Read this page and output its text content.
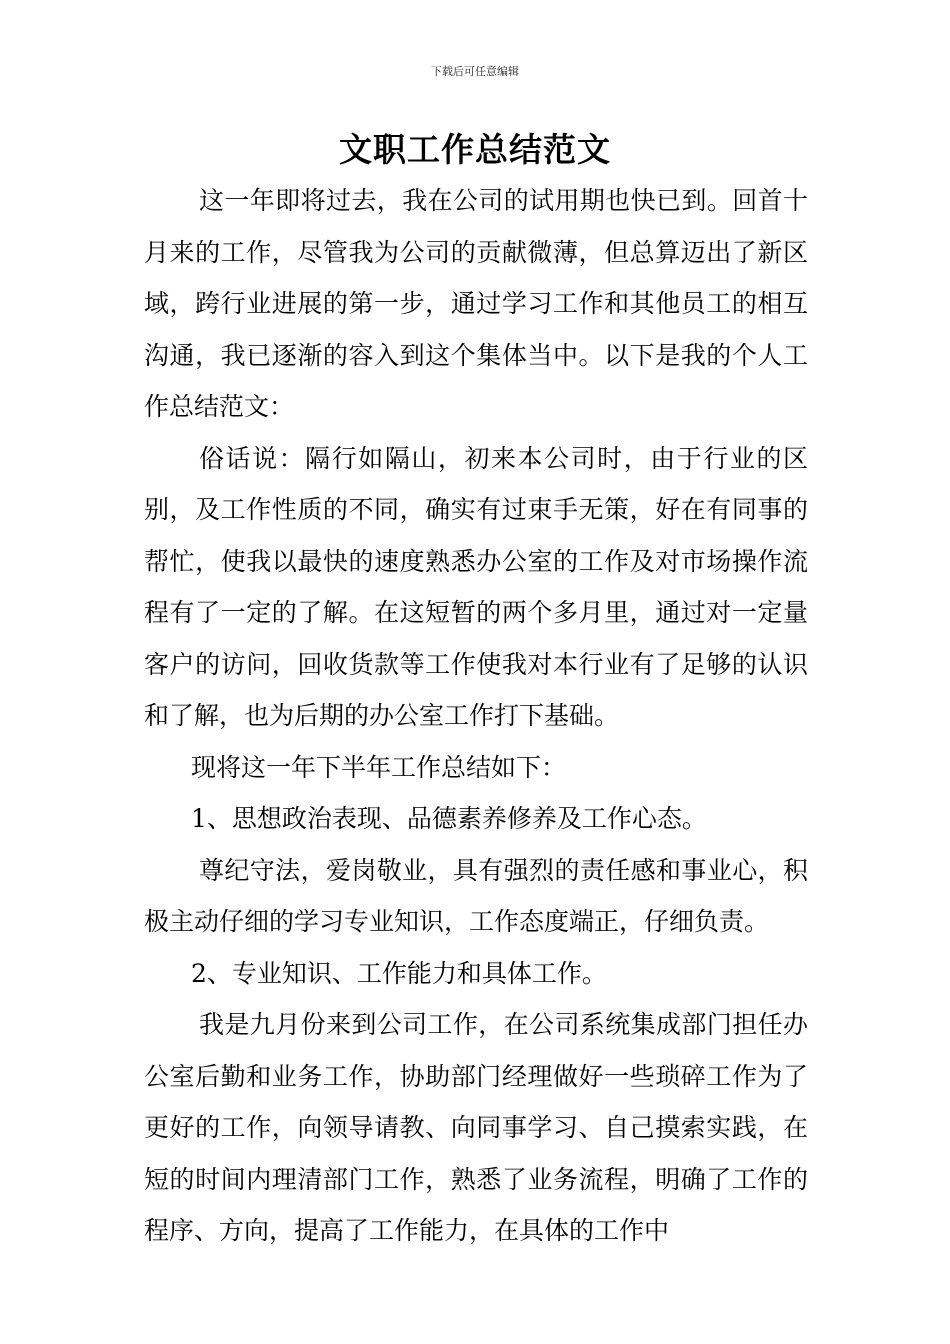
下载后可任意编辑
文职工作总结范文

这一年即将过去，我在公司的试用期也快已到。回首十月来的工作，尽管我为公司的贡献微薄，但总算迈出了新区域，跨行业进展的第一步，通过学习工作和其他员工的相互沟通，我已逐渐的容入到这个集体当中。以下是我的个人工作总结范文：

俗话说：隔行如隔山，初来本公司时，由于行业的区别，及工作性质的不同，确实有过束手无策，好在有同事的帮忙，使我以最快的速度熟悉办公室的工作及对市场操作流程有了一定的了解。在这短暂的两个多月里，通过对一定量客户的访问，回收货款等工作使我对本行业有了足够的认识和了解，也为后期的办公室工作打下基础。

现将这一年下半年工作总结如下：

1、思想政治表现、品德素养修养及工作心态。

尊纪守法，爱岗敬业，具有强烈的责任感和事业心，积极主动仔细的学习专业知识，工作态度端正，仔细负责。

2、专业知识、工作能力和具体工作。

我是九月份来到公司工作，在公司系统集成部门担任办公室后勤和业务工作，协助部门经理做好一些琐碎工作为了更好的工作，向领导请教、向同事学习、自己摸索实践，在短的时间内理清部门工作，熟悉了业务流程，明确了工作的程序、方向，提高了工作能力，在具体的工作中
